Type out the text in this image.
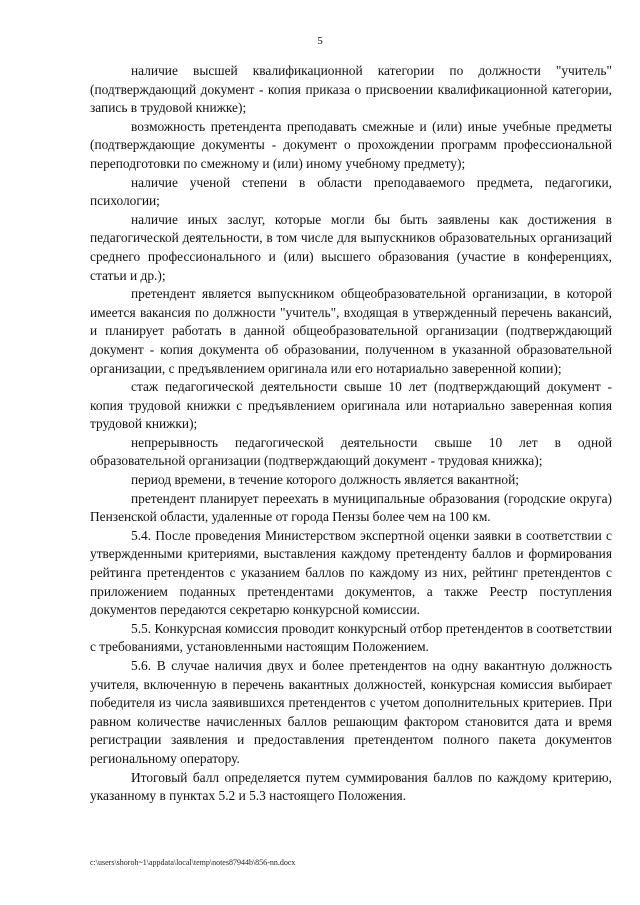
5

наличие высшей квалификационной категории по должности "учитель" (подтверждающий документ - копия приказа о присвоении квалификационной категории, запись в трудовой книжке);

возможность претендента преподавать смежные и (или) иные учебные предметы (подтверждающие документы - документ о прохождении программ профессиональной переподготовки по смежному и (или) иному учебному предмету);

наличие ученой степени в области преподаваемого предмета, педагогики, психологии;

наличие иных заслуг, которые могли бы быть заявлены как достижения в педагогической деятельности, в том числе для выпускников образовательных организаций среднего профессионального и (или) высшего образования (участие в конференциях, статьи и др.);

претендент является выпускником общеобразовательной организации, в которой имеется вакансия по должности "учитель", входящая в утвержденный перечень вакансий, и планирует работать в данной общеобразовательной организации (подтверждающий документ - копия документа об образовании, полученном в указанной образовательной организации, с предъявлением оригинала или его нотариально заверенной копии);

стаж педагогической деятельности свыше 10 лет (подтверждающий документ - копия трудовой книжки с предъявлением оригинала или нотариально заверенная копия трудовой книжки);

непрерывность педагогической деятельности свыше 10 лет в одной образовательной организации (подтверждающий документ - трудовая книжка);

период времени, в течение которого должность является вакантной;

претендент планирует переехать в муниципальные образования (городские округа) Пензенской области, удаленные от города Пензы более чем на 100 км.

5.4. После проведения Министерством экспертной оценки заявки в соответствии с утвержденными критериями, выставления каждому претенденту баллов и формирования рейтинга претендентов с указанием баллов по каждому из них, рейтинг претендентов с приложением поданных претендентами документов, а также Реестр поступления документов передаются секретарю конкурсной комиссии.

5.5. Конкурсная комиссия проводит конкурсный отбор претендентов в соответствии с требованиями, установленными настоящим Положением.

5.6. В случае наличия двух и более претендентов на одну вакантную должность учителя, включенную в перечень вакантных должностей, конкурсная комиссия выбирает победителя из числа заявившихся претендентов с учетом дополнительных критериев. При равном количестве начисленных баллов решающим фактором становится дата и время регистрации заявления и предоставления претендентом полного пакета документов региональному оператору.

Итоговый балл определяется путем суммирования баллов по каждому критерию, указанному в пунктах 5.2 и 5.3 настоящего Положения.

c:\users\shoroh~1\appdata\local\temp\notes87944b\856-nn.docx
